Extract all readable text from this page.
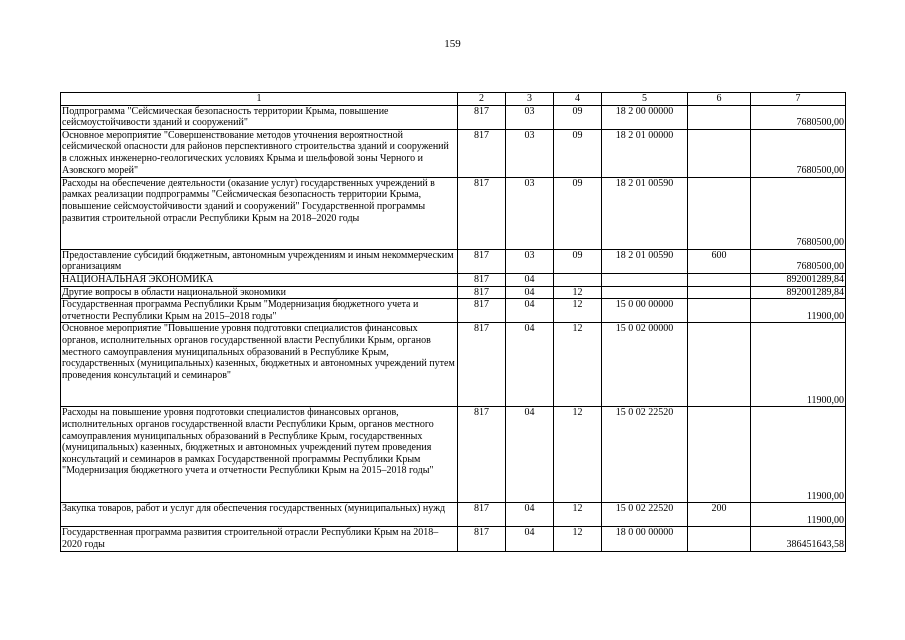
159
1	2	3	4	5	6	7
Подпрограмма "Сейсмическая безопасность территории Крыма, повышение сейсмоустойчивости зданий и сооружений"	817	03	09	18 2 00 00000		7680500,00
Основное мероприятие "Совершенствование методов уточнения вероятностной сейсмической опасности для районов перспективного строительства зданий и сооружений в сложных инженерно-геологических условиях Крыма и шельфовой зоны Черного и Азовского морей"	817	03	09	18 2 01 00000		7680500,00
Расходы на обеспечение деятельности (оказание услуг) государственных учреждений в рамках реализации подпрограммы "Сейсмическая безопасность территории Крыма, повышение сейсмоустойчивости зданий и сооружений" Государственной программы развития строительной отрасли Республики Крым на 2018–2020 годы	817	03	09	18 2 01 00590		7680500,00
Предоставление субсидий бюджетным, автономным учреждениям и иным некоммерческим организациям	817	03	09	18 2 01 00590	600	7680500,00
НАЦИОНАЛЬНАЯ ЭКОНОМИКА	817	04				892001289,84
Другие вопросы в области национальной экономики	817	04	12			892001289,84
Государственная программа Республики Крым "Модернизация бюджетного учета и отчетности Республики Крым на 2015–2018 годы"	817	04	12	15 0 00 00000		11900,00
Основное мероприятие "Повышение уровня подготовки специалистов финансовых органов, исполнительных органов государственной власти Республики Крым, органов местного самоуправления муниципальных образований в Республике Крым, государственных (муниципальных) казенных, бюджетных и автономных учреждений путем проведения консультаций и семинаров"	817	04	12	15 0 02 00000		11900,00
Расходы на повышение уровня подготовки специалистов финансовых органов, исполнительных органов государственной власти Республики Крым, органов местного самоуправления муниципальных образований в Республике Крым, государственных (муниципальных) казенных, бюджетных и автономных учреждений путем проведения консультаций и семинаров в рамках Государственной программы Республики Крым "Модернизация бюджетного учета и отчетности Республики Крым на 2015–2018 годы"	817	04	12	15 0 02 22520		11900,00
Закупка товаров, работ и услуг для обеспечения государственных (муниципальных) нужд	817	04	12	15 0 02 22520	200	11900,00
Государственная программа развития строительной отрасли Республики Крым на 2018–2020 годы	817	04	12	18 0 00 00000		386451643,58
